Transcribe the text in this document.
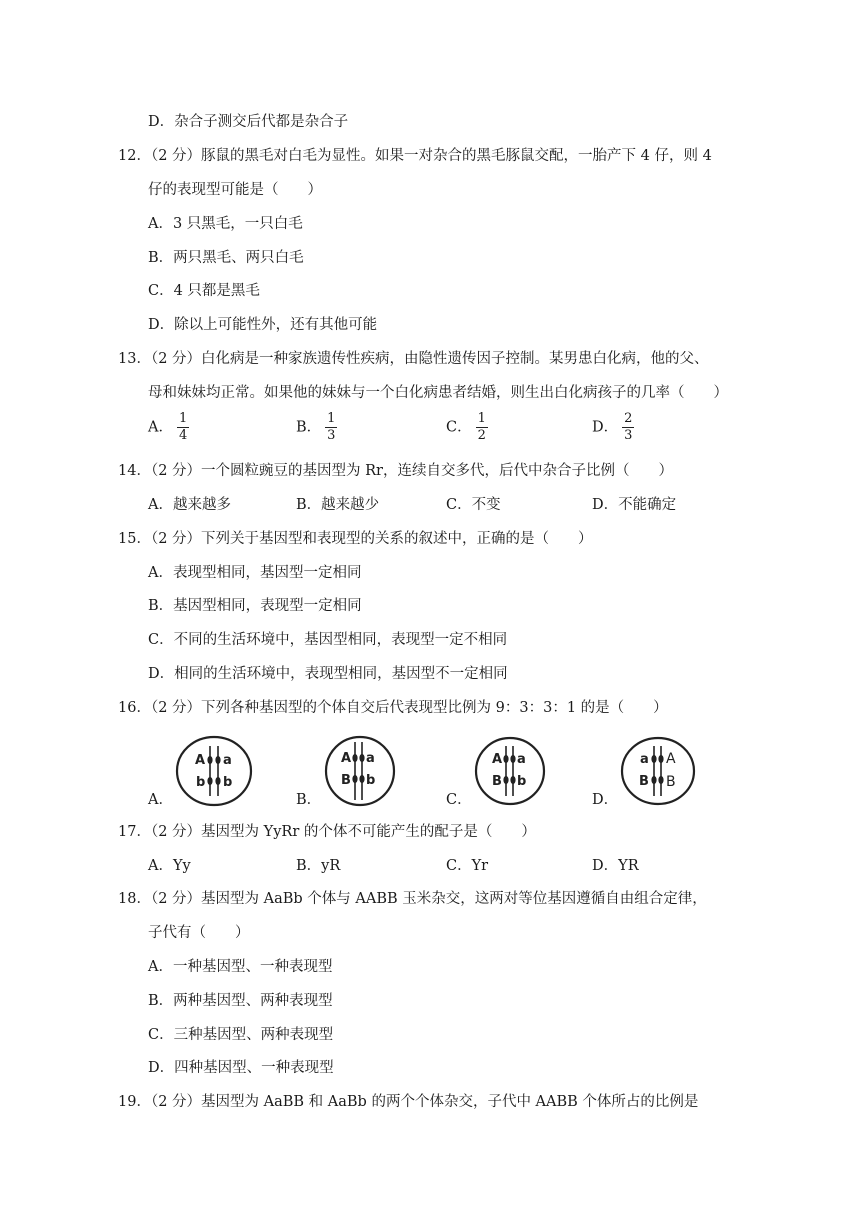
D．杂合子测交后代都是杂合子
12．（2 分）豚鼠的黑毛对白毛为显性。如果一对杂合的黑毛豚鼠交配，一胎产下 4 仔，则 4
仔的表现型可能是（　　）
A．3 只黑毛，一只白毛
B．两只黑毛、两只白毛
C．4 只都是黑毛
D．除以上可能性外，还有其他可能
13．（2 分）白化病是一种家族遗传性疾病，由隐性遗传因子控制。某男患白化病，他的父、
母和妹妹均正常。如果他的妹妹与一个白化病患者结婚，则生出白化病孩子的几率（　　）
A． $\frac{1}{4}$	B． $\frac{1}{3}$	C． $\frac{1}{2}$	D． $\frac{2}{3}$
14．（2 分）一个圆粒豌豆的基因型为 Rr，连续自交多代，后代中杂合子比例（　　）
A．越来越多	B．越来越少	C．不变	D．不能确定
15．（2 分）下列关于基因型和表现型的关系的叙述中，正确的是（　　）
A．表现型相同，基因型一定相同
B．基因型相同，表现型一定相同
C．不同的生活环境中，基因型相同，表现型一定不相同
D．相同的生活环境中，表现型相同，基因型不一定相同
16．（2 分）下列各种基因型的个体自交后代表现型比例为 9：3：3：1 的是（　　）
A．
A a
b b
B．
A a
B b
C．
A a
B b
D．
a A
B B
17．（2 分）基因型为 YyRr 的个体不可能产生的配子是（　　）
A．Yy	B．yR	C．Yr	D．YR
18．（2 分）基因型为 AaBb 个体与 AABB 玉米杂交，这两对等位基因遵循自由组合定律，
子代有（　　）
A．一种基因型、一种表现型
B．两种基因型、两种表现型
C．三种基因型、两种表现型
D．四种基因型、一种表现型
19．（2 分）基因型为 AaBB 和 AaBb 的两个个体杂交，子代中 AABB 个体所占的比例是
